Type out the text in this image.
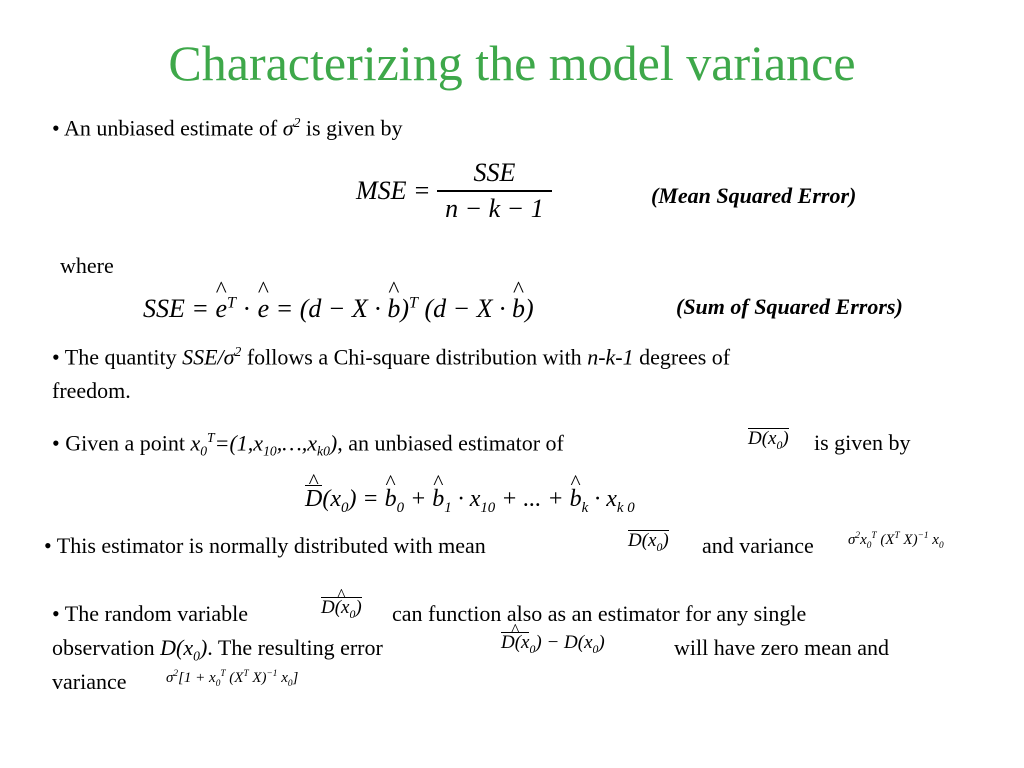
Characterizing the model variance
• An unbiased estimate of $\sigma^2$ is given by
MSE = $\frac{\text{SSE}}{n - k - 1}$	(Mean Squared Error)
where
SSE = ^ $e^T$ · ^ e = (d − X · ^ b)$^T$ (d − X · ^ b)	(Sum of Squared Errors)
• The quantity SSE/$\sigma^2$ follows a Chi-square distribution with n-k-1 degrees of
freedom.
• Given a point $x_0^T=(1,x_{10},\dots,x_{k0})$, an unbiased estimator of	$D(x_0)$ is given by
^ $D(x_0)$ = ^ $b_0$ + ^ $b_1 \cdot x_{10}$ + ... + ^ $b_k \cdot x_{k 0}$
• This estimator is normally distributed with mean	$D(x_0)$ and variance $\sigma^2x_0^T$ ($X^T$ X)$^{-1}$ $x_0$
• The random variable	^ $D(x_0)$ can function also as an estimator for any single
observation $D(x_0)$. The resulting error	^ $D(x_0) - D(x_0)$	will have zero mean and
variance	$\sigma^2[1 + x_0^T$ ($X^T$ X)$^{-1}$ $x_0$]
